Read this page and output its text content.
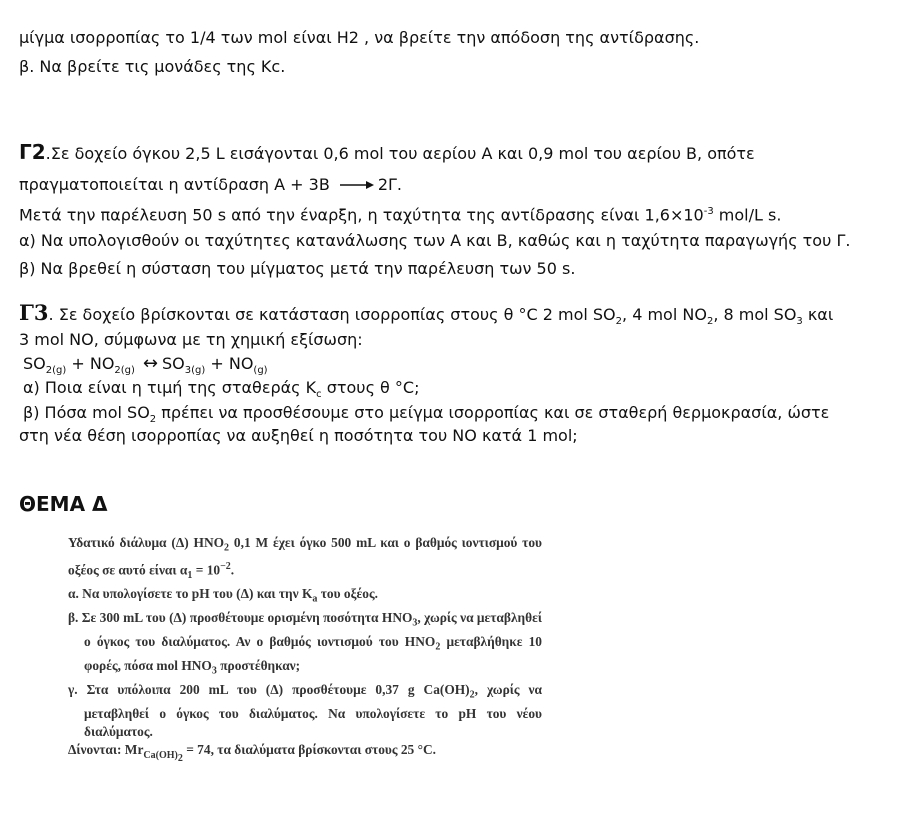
μίγμα ισορροπίας το 1/4 των mol είναι H2 , να βρείτε την απόδοση της αντίδρασης.
β. Να βρείτε τις μονάδες της Kc.
Γ2.Σε δοχείο όγκου 2,5 L εισάγονται 0,6 mol του αερίου Α και 0,9 mol του αερίου Β, οπότε
πραγματοποιείται η αντίδραση Α + 3Β	2Γ.
Μετά την παρέλευση 50 s από την έναρξη, η ταχύτητα της αντίδρασης είναι $1,6\times 10^{-3}$ mol/L s.
α) Να υπολογισθούν οι ταχύτητες κατανάλωσης των Α και Β, καθώς και η ταχύτητα παραγωγής του Γ.
β) Να βρεθεί η σύσταση του μίγματος μετά την παρέλευση των 50 s.
Γ3. Σε δοχείο βρίσκονται σε κατάσταση ισορροπίας στους θ °C 2 mol $SO_2$, 4 mol $NO_2$, 8 mol $SO_3$ και
3 mol NO, σύμφωνα με τη χημική εξίσωση:
$SO_{2(g)} + NO_{2(g)}$ ↔ $SO_{3(g)} + NO_{(g)}$
α) Ποια είναι η τιμή της σταθεράς $K_c$ στους θ °C;
β) Πόσα mol $SO_2$ πρέπει να προσθέσουμε στο μείγμα ισορροπίας και σε σταθερή θερμοκρασία, ώστε
στη νέα θέση ισορροπίας να αυξηθεί η ποσότητα του NO κατά 1 mol;
ΘΕΜΑ Δ

Υδατικό διάλυμα (Δ) $HNO_2$ 0,1 M έχει όγκο 500 mL και ο βαθμός ιοντισμού του οξέος σε αυτό είναι $\alpha_1 = 10^{-2}$.

α. Να υπολογίσετε το pH του (Δ) και την $K_a$ του οξέος.

β. Σε 300 mL του (Δ) προσθέτουμε ορισμένη ποσότητα $HNO_3$, χωρίς να μεταβληθεί ο όγκος του διαλύματος. Αν ο βαθμός ιοντισμού του $HNO_2$ μεταβλήθηκε 10 φορές, πόσα mol $HNO_3$ προστέθηκαν;

γ. Στα υπόλοιπα 200 mL του (Δ) προσθέτουμε 0,37 g $Ca(OH)_2$, χωρίς να μεταβληθεί ο όγκος του διαλύματος. Να υπολογίσετε το pH του νέου διαλύματος.

Δίνονται: $Mr_{Ca(OH)_2} = 74$, τα διαλύματα βρίσκονται στους 25 °C.
